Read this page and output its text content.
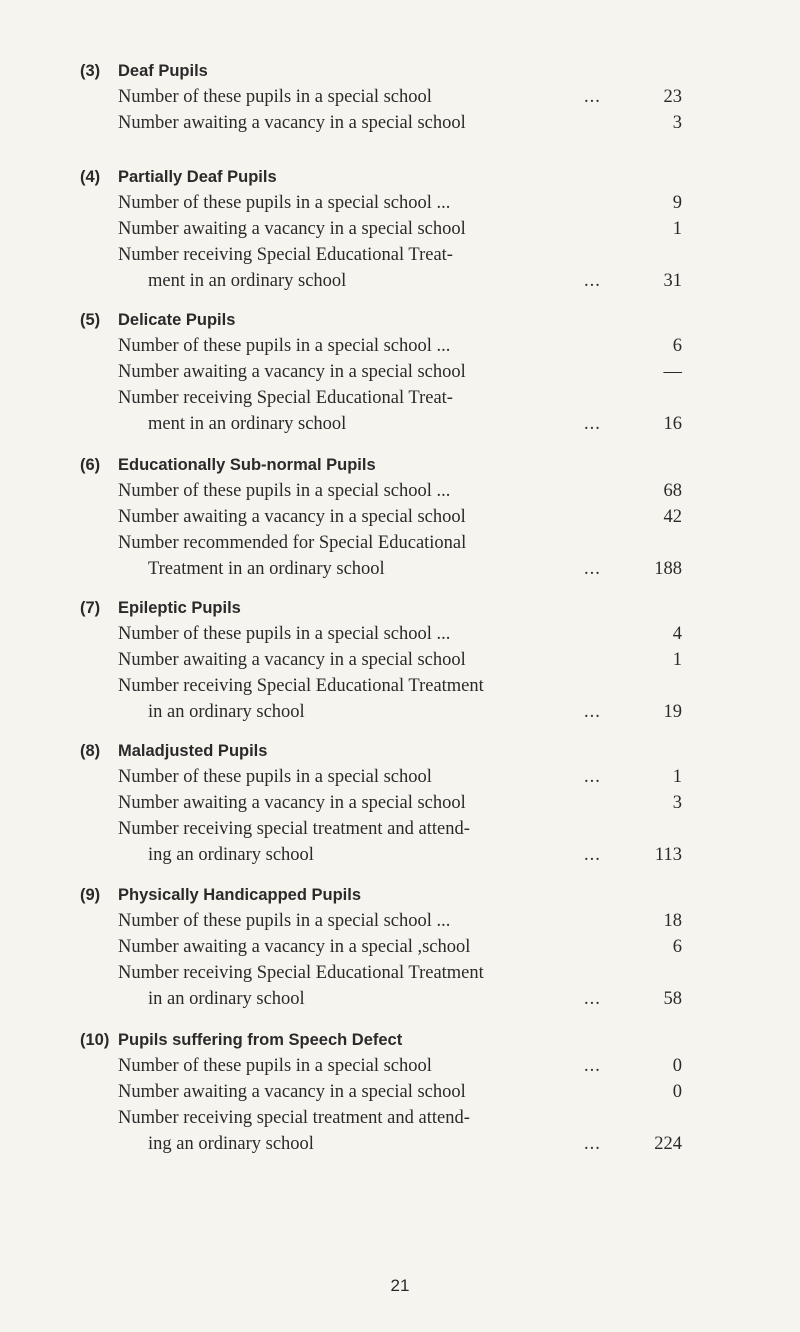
(3)	Deaf Pupils
Number of these pupils in a special school	...	23
Number awaiting a vacancy in a special school	3
(4)	Partially Deaf Pupils
Number of these pupils in a special school ...	9
Number awaiting a vacancy in a special school	1
Number receiving Special Educational Treat-
ment in an ordinary school	...	31
(5)	Delicate Pupils
Number of these pupils in a special school ...	6
Number awaiting a vacancy in a special school	—
Number receiving Special Educational Treat-
ment in an ordinary school	...	16
(6)	Educationally Sub-normal Pupils
Number of these pupils in a special school ...	68
Number awaiting a vacancy in a special school	42
Number recommended for Special Educational
Treatment in an ordinary school	...	188
(7)	Epileptic Pupils
Number of these pupils in a special school ...	4
Number awaiting a vacancy in a special school	1
Number receiving Special Educational Treatment
in an ordinary school	...	19
(8)	Maladjusted Pupils
Number of these pupils in a special school	...	1
Number awaiting a vacancy in a special school	3
Number receiving special treatment and attend-
ing an ordinary school	...	113
(9)	Physically Handicapped Pupils
Number of these pupils in a special school ...	18
Number awaiting a vacancy in a special ,school	6
Number receiving Special Educational Treatment
in an ordinary school	...	58
(10) Pupils suffering from Speech Defect
Number of these pupils in a special school	...	0
Number awaiting a vacancy in a special school	0
Number receiving special treatment and attend-
ing an ordinary school	...	224
21
